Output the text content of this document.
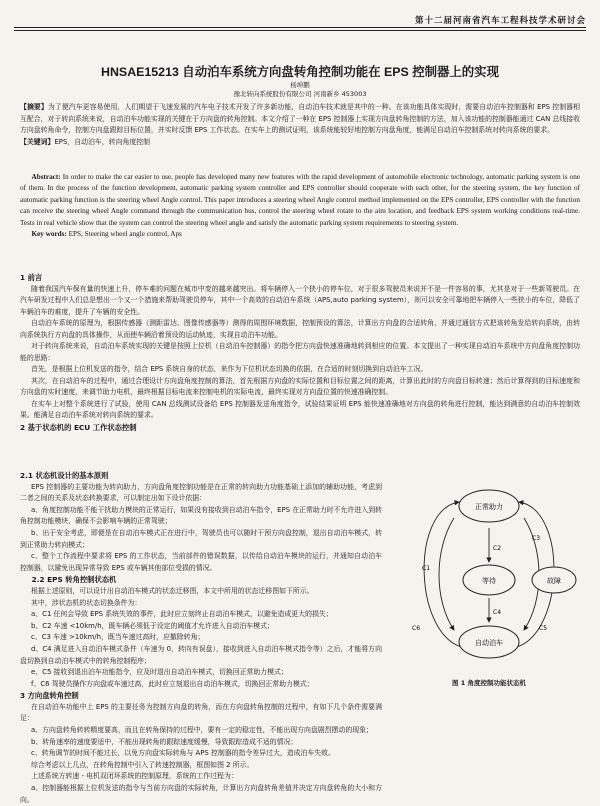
第十二届河南省汽车工程科技学术研讨会
HNSAE15213 自动泊车系统方向盘转角控制功能在 EPS 控制器上的实现
杨坤鹏
豫北转向系统股份有限公司 河南新乡 453003

【摘要】为了便汽车更容易使用，人们期望于飞速发展的汽车电子技术开发了许多新功能，自动泊车技术就是其中的一种。在该功能具体实现时，需要自动泊车控制器和 EPS 控制器相互配合，对于转向系统来说，自动泊车功能实现的关键在于方向盘的转角控制。本文介绍了一种在 EPS 控制器上实现方向盘转角控制的方法，加入该功能的控制器能通过 CAN 总线接收方向盘转角命令，控制方向盘跟踪目标位置，并实时反馈 EPS 工作状态。在实车上的测试证明，该系统能较好地控制方向盘角度，能满足自动泊车控制系统对转向系统的要求。

【关键词】EPS，自动泊车，转向角度控制

Abstract: In order to make the car easier to use, people has developed many new features with the rapid development of automobile electronic technology, automatic parking system is one of them. In the process of the function development, automatic parking system controller and EPS controller should cooperate with each other, for the steering system, the key function of automatic parking function is the steering wheel Angle control. This paper introduces a steering wheel Angle control method implemented on the EPS controller, EPS controller with the function can receive the steering wheel Angle command through the communication bus, control the steering wheel rotate to the aim location, and feedback EPS system working conditions real-time. Tests in real vehicle show that the system can control the steering wheel angle and satisfy the automatic parking system requirements to steering system.

Key words: EPS, Steering wheel angle control, Aps

1 前言

随着我国汽车保有量的快速上升，停车难的问题在城市中变的越来越突出。将车辆停入一个狭小的停车位，对于很多驾驶员来说并不是一件容易的事，尤其是对于一些新驾驶员。在汽车研发过程中人们总是想出一个又一个措施来帮助驾驶员停车，其中一个高效的自动泊车系统（APS,auto parking system），则可以安全可靠地把车辆停入一些狭小的车位，降低了车辆泊车的难度，提升了车辆的安全性。

自动泊车系统的原理为，根据传感器（测距雷达、图像传感器等）测得的周围环境数据，控制预设的算法，计算出方向盘的合适转角，并通过通信方式把该转角发给转向系统，由转向系统执行方向盘的具体操作，从而使车辆沿着预设的运动轨迹，实现自动泊车功能。

对于转向系统来说，自动泊车系统实现的关键是按照上位机（自动泊车控制器）的指令把方向盘快速准确地转到相应的位置。本文提出了一种实现自动泊车系统中方向盘角度控制功能的思路：

首先，是根据上位机发送的指令，结合 EPS 系统自身的状态，来作为下位机状态切换的依据，在合适的时刻切换到自动泊车工况。

其次，在自动泊车的过程中，通过合理设计方向盘角度控制的算法，首先根据方向盘的实际位置和目标位置之间的距离，计算出此时的方向盘目标转速；然后计算得到的目标速度和方向盘的实时速度，来调节助力电机，最终根据目标电流来控制电机的实际电流，最终实现对方向盘位置的快速准确控制。

在实车上对整个系统进行了试验，使用 CAN 总线测试设备给 EPS 控制器发送角度指令，试验结果证明 EPS 能快速准确地对方向盘的转角进行控制，能达到满意的自动泊车控制效果。能满足自动泊车系统对转向系统的要求。

2 基于状态机的 ECU 工作状态控制

2.1 状态机设计的基本原则

EPS 控制器的主要功能为转向助力，方向盘角度控制功能是在正常的转向助力功能基础上添加的辅助功能，考虑到二者之间的关系及状态转换要求，可以制定出如下设计依据：

a、角度控制功能不能干扰助力模块的正常运行，如果没有接收到自动泊车指令，EPS 在正常助力时不允许进入到转角控制功能模块，确保不会影响车辆的正常驾驶；

b、出于安全考虑，即便是在自动泊车模式正在进行中，驾驶员也可以随时干预方向盘控制，退出自动泊车模式，转到正常助力转向模式；

c、整个工作流程中要求将 EPS 的工作状态，当前部件的错误数据，以传给自动泊车模块的运行，并通知自动泊车控制器，以避免出现异常导致 EPS 或车辆其他部位受损的情况。

2.2 EPS 转角控制状态机

根据上述原则，可以设计出自动泊车模式的状态迁移图，本文中所用的状态迁移图如下所示。

其中，涉状态机的状态切换条件为：

a、C1 任何会导致 EPS 系统失效的事件，此时应立刻终止自动泊车模式，以避免造成更大的损失；

b、C2 车速 <10km/h，既车辆必须低于设定的阈值才允许进入自动泊车模式；

c、C3 车速 >10km/h，既当车速过高时，应撤除转角；

d、C4 满足进入自动泊车模式条件（车速为 0，转向有误盘），接收到进入自动泊车模式指令等）之后，才能将方向盘切换到自动泊车模式中的转角控制程序；

e、C5 接收到退出泊车功能指令，应及时退出自动泊车模式，切换回正常助力模式；

f、C6 驾驶员操作方向盘或车速过高，此时应立刻退出自动泊车模式，切换回正常助力模式；

3 方向盘转角控制

在自动泊车功能中上 EPS 的主要任务为控制方向盘的转角，而在方向盘转角控制的过程中，有如下几个条件需要满足：

a、方向盘转角转转精度要高，而且在转角保持的过程中，要有一定的稳定性，不能出现方向盘剧烈摆动的现象；

b、转角速率的速度要适中，不能出现转角的跟踪速度缓慢，导致跟踪造成不适的情况；

c、转角调节的时间不能过长，以免方向盘实际转角与 APS 控制器的指令差异过大，造成泊车失败。

综合考虑以上几点，在转角控制中引入了转速控制器，框图如图 2 所示。

上述系统方转速 - 电机双闭环系统的控制原理，系统的工作过程为：

a、控制器能根据上位机发送的指令与当前方向盘的实际转角，计算出方向盘转角差值并决定方向盘转角的大小和方向。

正常助力
等待
自动泊车
故障
C1
C2
C4
C3
C5
C6
图 1 角度控制功能状态机
